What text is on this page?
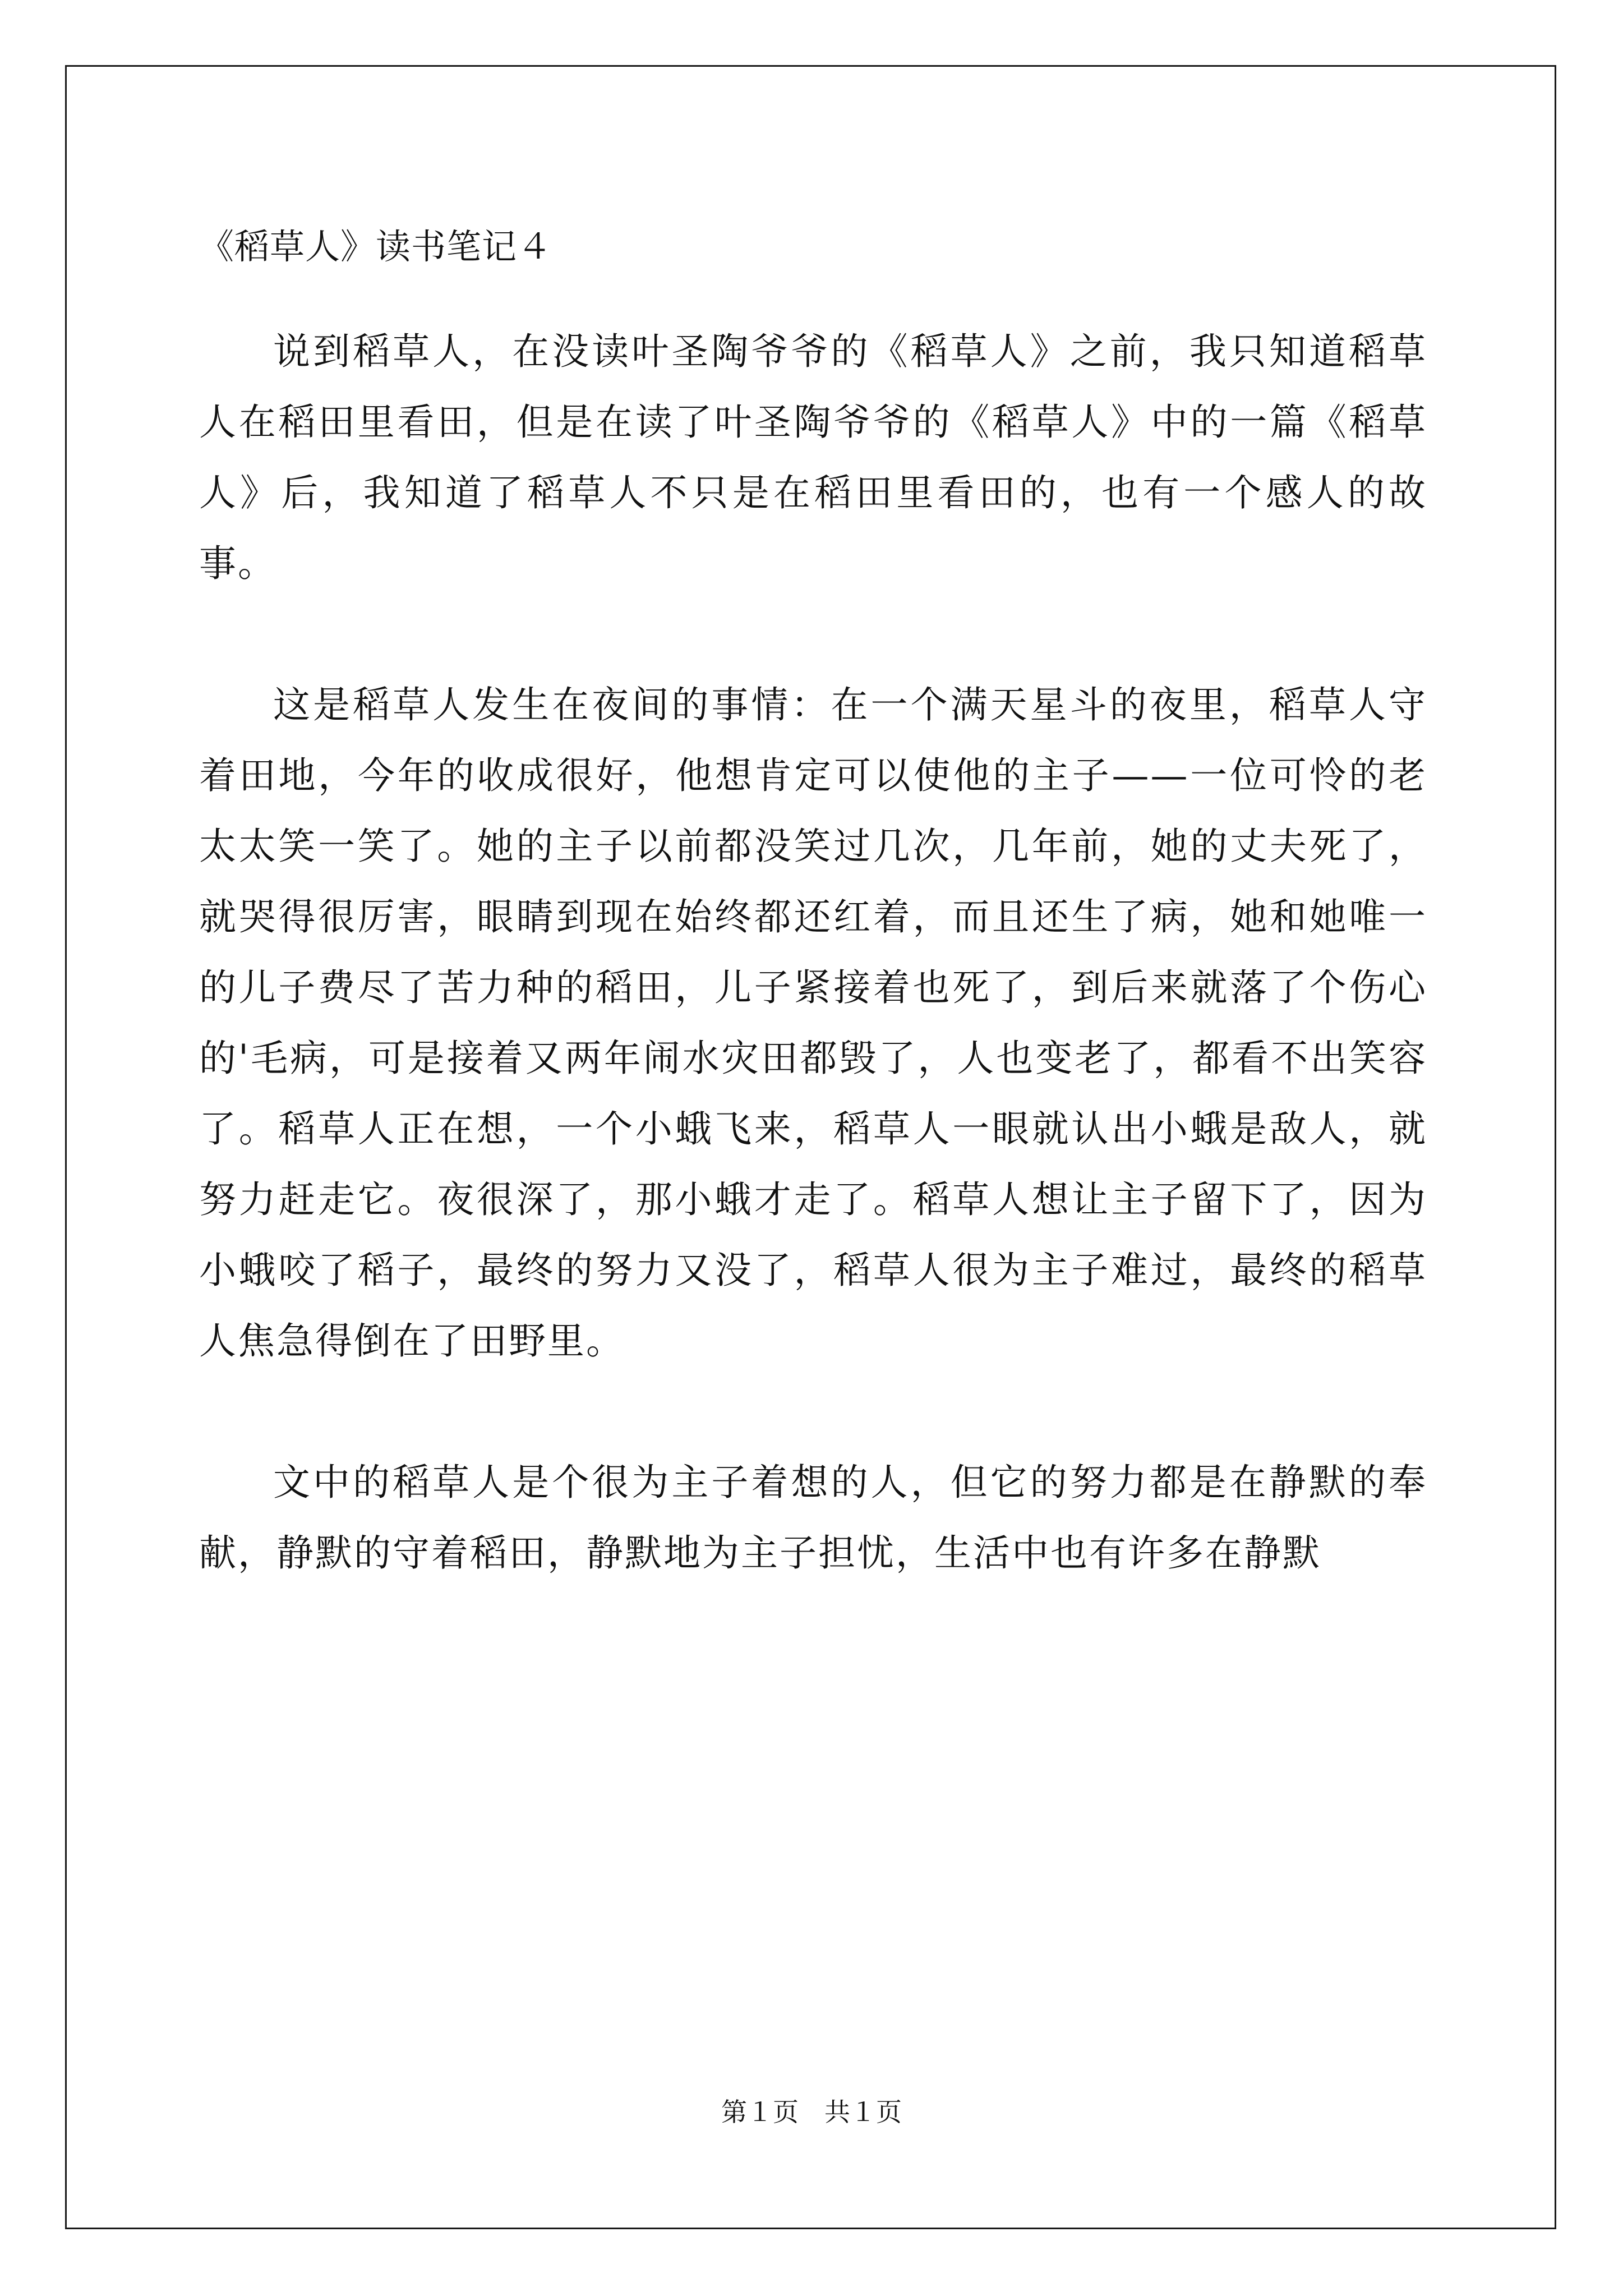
《稻草人》读书笔记４

说到稻草人，在没读叶圣陶爷爷的《稻草人》之前，我只知道稻草人在稻田里看田，但是在读了叶圣陶爷爷的《稻草人》中的一篇《稻草人》后，我知道了稻草人不只是在稻田里看田的，也有一个感人的故事。

这是稻草人发生在夜间的事情：在一个满天星斗的夜里，稻草人守着田地，今年的收成很好，他想肯定可以使他的主子——一位可怜的老太太笑一笑了。她的主子以前都没笑过几次，几年前，她的丈夫死了，就哭得很厉害，眼睛到现在始终都还红着，而且还生了病，她和她唯一的儿子费尽了苦力种的稻田，儿子紧接着也死了，到后来就落了个伤心的'毛病，可是接着又两年闹水灾田都毁了，人也变老了，都看不出笑容了。稻草人正在想，一个小蛾飞来，稻草人一眼就认出小蛾是敌人，就努力赶走它。夜很深了，那小蛾才走了。稻草人想让主子留下了，因为小蛾咬了稻子，最终的努力又没了，稻草人很为主子难过，最终的稻草人焦急得倒在了田野里。

文中的稻草人是个很为主子着想的人，但它的努力都是在静默的奉献，静默的守着稻田，静默地为主子担忧，生活中也有许多在静默

第１页　共１页
